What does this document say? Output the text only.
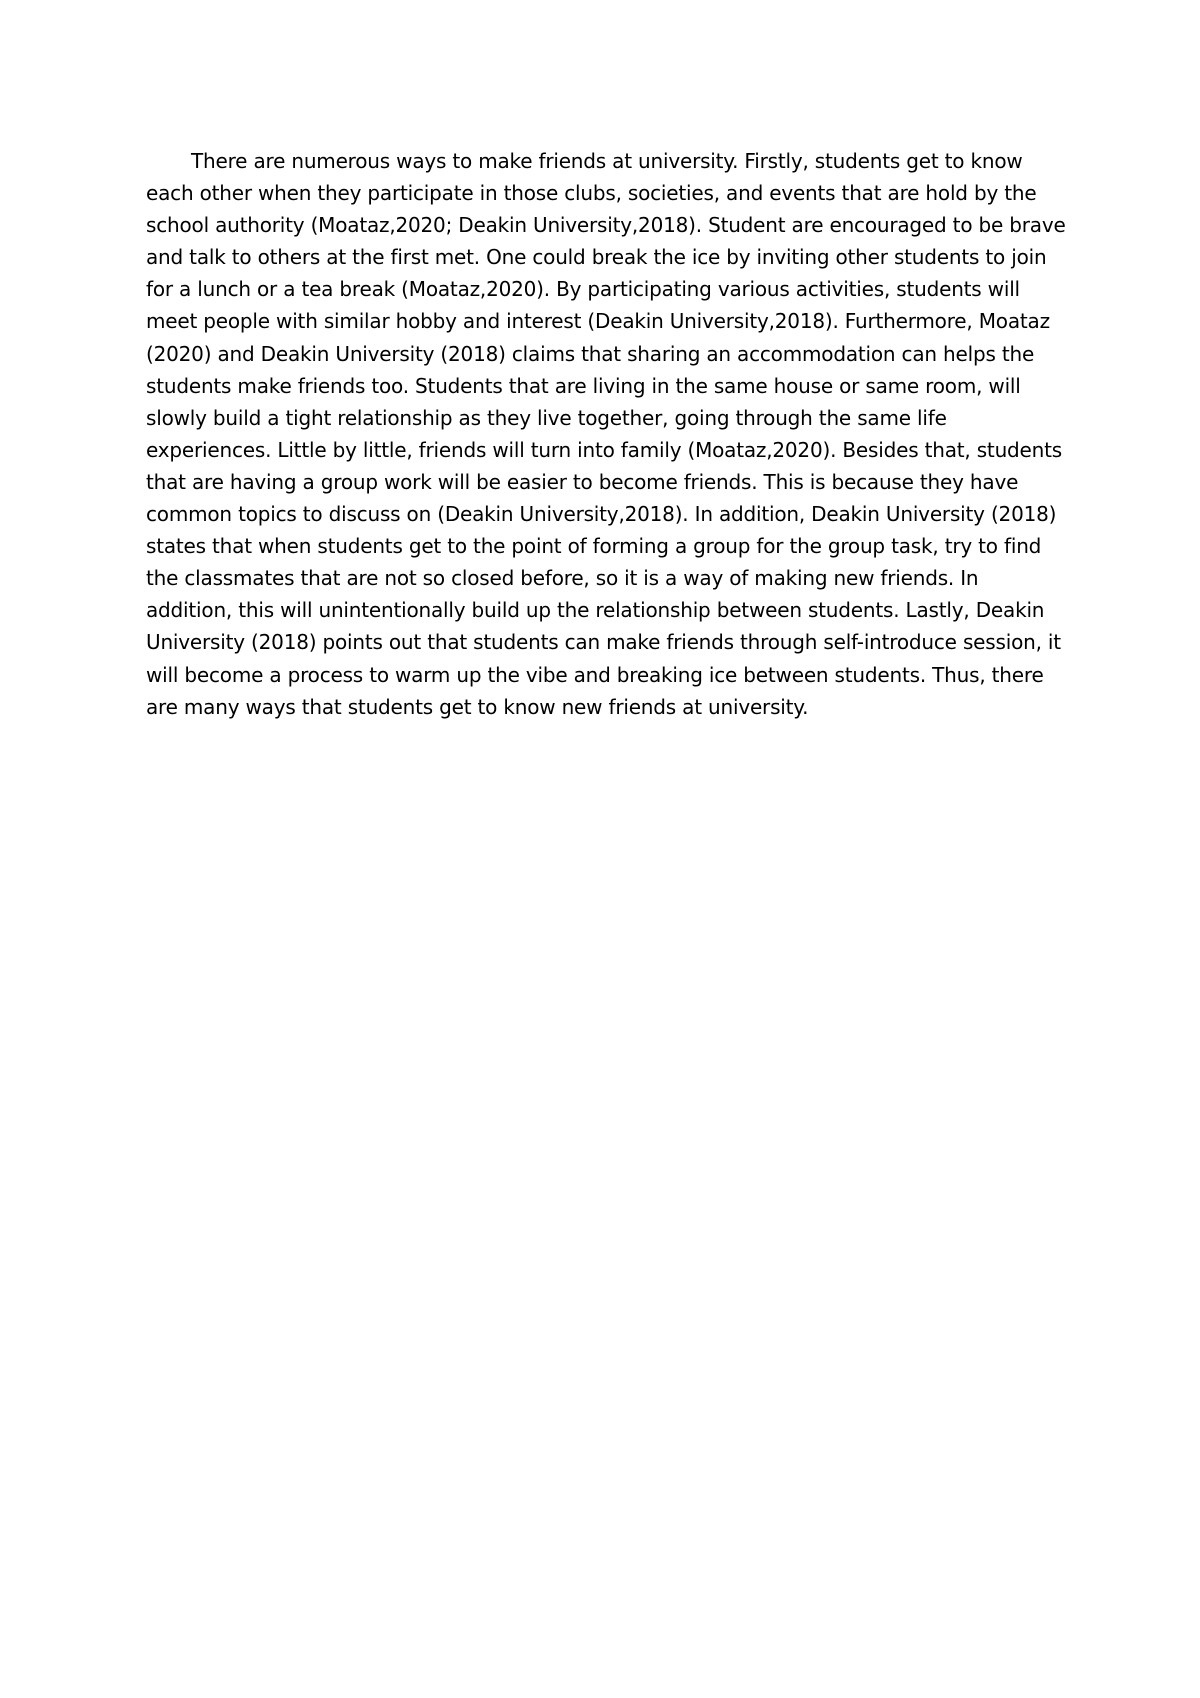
There are numerous ways to make friends at university. Firstly, students get to know
each other when they participate in those clubs, societies, and events that are hold by the
school authority (Moataz,2020; Deakin University,2018). Student are encouraged to be brave
and talk to others at the first met. One could break the ice by inviting other students to join
for a lunch or a tea break (Moataz,2020). By participating various activities, students will
meet people with similar hobby and interest (Deakin University,2018). Furthermore, Moataz
(2020) and Deakin University (2018) claims that sharing an accommodation can helps the
students make friends too. Students that are living in the same house or same room, will
slowly build a tight relationship as they live together, going through the same life
experiences. Little by little, friends will turn into family (Moataz,2020). Besides that, students
that are having a group work will be easier to become friends. This is because they have
common topics to discuss on (Deakin University,2018). In addition, Deakin University (2018)
states that when students get to the point of forming a group for the group task, try to find
the classmates that are not so closed before, so it is a way of making new friends. In
addition, this will unintentionally build up the relationship between students. Lastly, Deakin
University (2018) points out that students can make friends through self-introduce session, it
will become a process to warm up the vibe and breaking ice between students. Thus, there
are many ways that students get to know new friends at university.
